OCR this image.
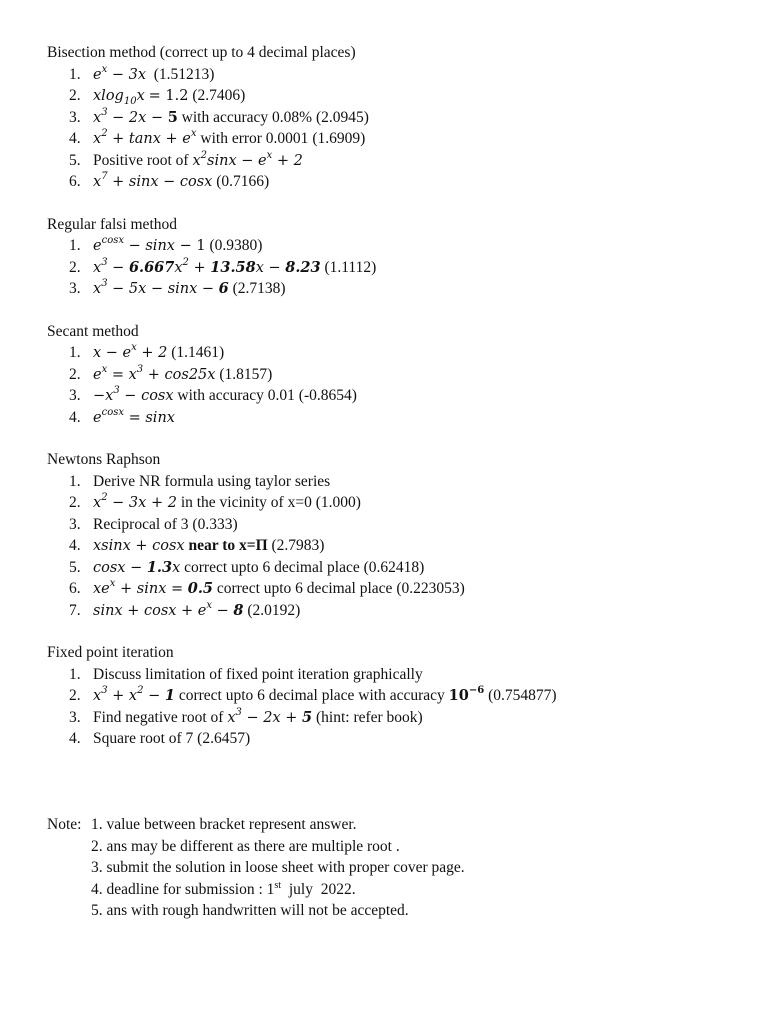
Bisection method (correct up to 4 decimal places)
1. $e^x - 3x$ (1.51213)
2. xlog$_{10}$x = 1.2 (2.7406)
3. $x^3 - 2x - 5$ with accuracy 0.08% (2.0945)
4. $x^2 + \tan x + e^x$ with error 0.0001 (1.6909)
5. Positive root of $x^2\sin x - e^x + 2$
6. $x^7 + \sin x - \cos x$ (0.7166)
Regular falsi method
1. $e^{cosx} - \sin x - 1$ (0.9380)
2. $x^3 - 6.667x^2 + 13.58x - 8.23$ (1.1112)
3. $x^3 - 5x - \sin x - 6$ (2.7138)
Secant method
1. $x - e^x + 2$ (1.1461)
2. $e^x = x^3 + \cos 25x$ (1.8157)
3. $-x^3 - \cos x$ with accuracy 0.01 (-0.8654)
4. $e^{cosx} = \sin x$
Newtons Raphson
1. Derive NR formula using taylor series
2. $x^2 - 3x + 2$ in the vicinity of x=0 (1.000)
3. Reciprocal of 3 (0.333)
4. xsinx + cosx near to x=Π (2.7983)
5. cosx − 1.3x correct upto 6 decimal place (0.62418)
6. $xe^x + \sin x = 0.5$ correct upto 6 decimal place (0.223053)
7. $\sin x + \cos x + e^x - 8$ (2.0192)
Fixed point iteration
1. Discuss limitation of fixed point iteration graphically
2. $x^3 + x^2 - 1$ correct upto 6 decimal place with accuracy $10^{-6}$ (0.754877)
3. Find negative root of $x^3 - 2x + 5$ (hint: refer book)
4. Square root of 7 (2.6457)
Note: 1. value between bracket represent answer.
2. ans may be different as there are multiple root .
3. submit the solution in loose sheet with proper cover page.
4. deadline for submission : 1st  july  2022.
5. ans with rough handwritten will not be accepted.
